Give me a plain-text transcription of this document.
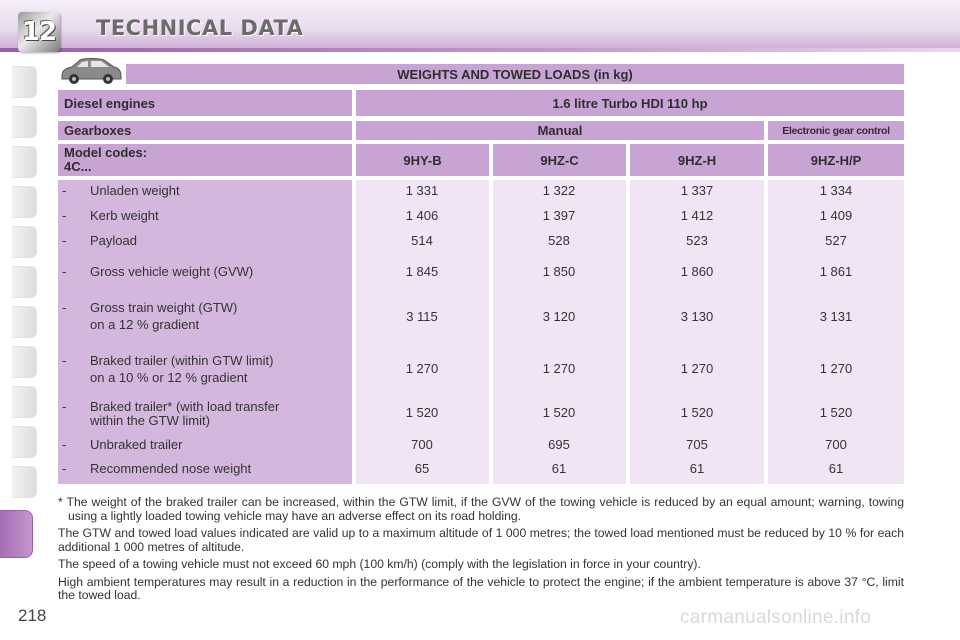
12 TECHNICAL DATA
218
WEIGHTS AND TOWED LOADS (in kg)
Diesel engines	1.6 litre Turbo HDI 110 hp
Gearboxes	Manual	Electronic gear control
Model codes:
4C...	9HY-B	9HZ-C	9HZ-H	9HZ-H/P
- Unladen weight	1 331	1 322	1 337	1 334
- Kerb weight	1 406	1 397	1 412	1 409
- Payload	514	528	523	527
- Gross vehicle weight (GVW)	1 845	1 850	1 860	1 861
- Gross train weight (GTW)
on a 12 % gradient
3 115	3 120	3 130	3 131
- Braked trailer (within GTW limit)
on a 10 % or 12 % gradient
1 270	1 270	1 270	1 270
- Braked trailer* (with load transfer
within the GTW limit)
1 520	1 520	1 520	1 520
- Unbraked trailer	700	695	705	700
- Recommended nose weight	65	61	61	61

* The weight of the braked trailer can be increased, within the GTW limit, if the GVW of the towing vehicle is reduced by an equal amount; warning, towing using a lightly loaded towing vehicle may have an adverse effect on its road holding.

The GTW and towed load values indicated are valid up to a maximum altitude of 1 000 metres; the towed load mentioned must be reduced by 10 % for each additional 1 000 metres of altitude.

The speed of a towing vehicle must not exceed 60 mph (100 km/h) (comply with the legislation in force in your country).

High ambient temperatures may result in a reduction in the performance of the vehicle to protect the engine; if the ambient temperature is above 37 °C, limit the towed load.

carmanualsonline.info
